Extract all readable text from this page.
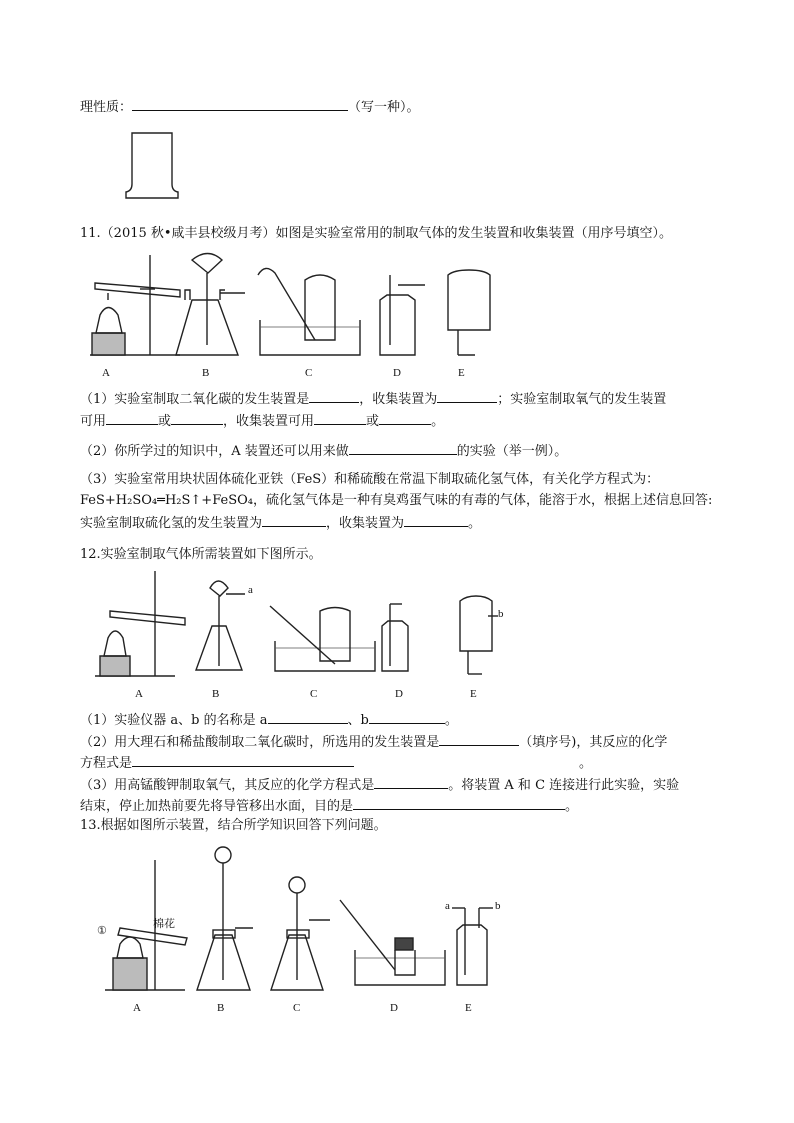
理性质：	（写一种）。
11.（2015 秋•咸丰县校级月考）如图是实验室常用的制取气体的发生装置和收集装置（用序号填空）。
A	B	C	D	E
（1）实验室制取二氧化碳的发生装置是	，收集装置为	；实验室制取氧气的发生装置
可用	或	，收集装置可用	或	。
（2）你所学过的知识中，A 装置还可以用来做	的实验（举一例）。
（3）实验室常用块状固体硫化亚铁（FeS）和稀硫酸在常温下制取硫化氢气体，有关化学方程式为：
FeS+H₂SO₄═H₂S↑+FeSO₄，硫化氢气体是一种有臭鸡蛋气味的有毒的气体，能溶于水，根据上述信息回答:
实验室制取硫化氢的发生装置为	，收集装置为	。
12.实验室制取气体所需装置如下图所示。
a
b
A	B	C	D	E
（1）实验仪器 a、b 的名称是 a	、b	。
（2）用大理石和稀盐酸制取二氧化碳时，所选用的发生装置是	（填序号)，其反应的化学
方程式是	。
（3）用高锰酸钾制取氧气，其反应的化学方程式是	。将装置 A 和 C 连接进行此实验，实验
结束，停止加热前要先将导管移出水面，目的是	。
13.根据如图所示装置，结合所学知识回答下列问题。
①
棉花
a	b
A	B	C	D	E
